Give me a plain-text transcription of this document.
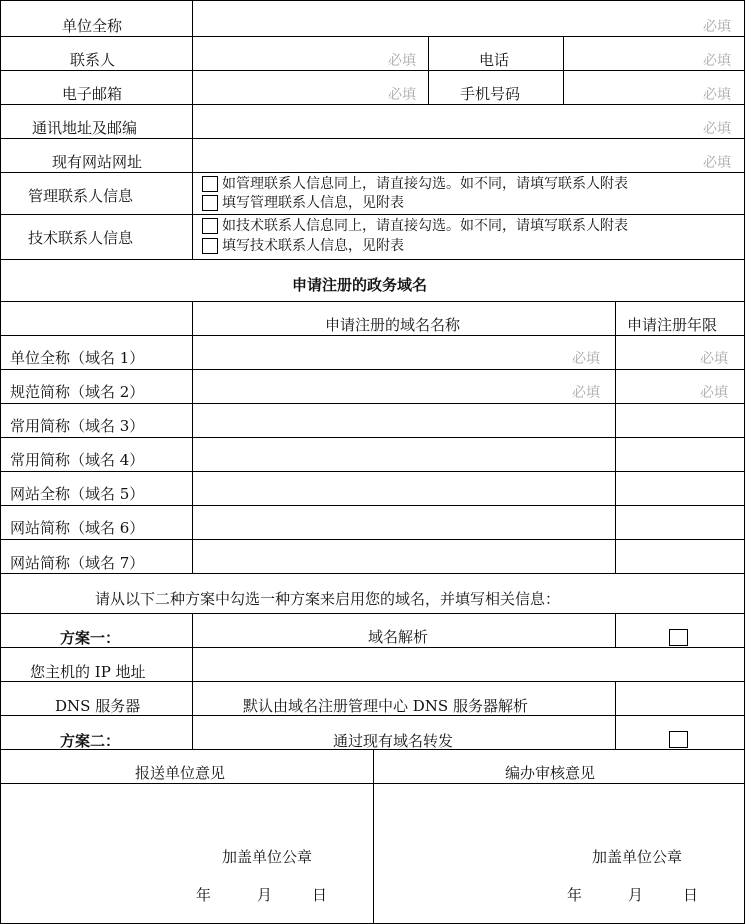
单位全称	必填
联系人	必填	电话	必填
电子邮箱	必填	手机号码	必填
通讯地址及邮编	必填
现有网站网址	必填
管理联系人信息
如管理联系人信息同上，请直接勾选。如不同，请填写联系人附表
填写管理联系人信息，见附表
技术联系人信息
如技术联系人信息同上，请直接勾选。如不同，请填写联系人附表
填写技术联系人信息，见附表
申请注册的政务域名
申请注册的域名名称	申请注册年限
单位全称（域名 1）	必填	必填
规范简称（域名 2）	必填	必填
常用简称（域名 3）
常用简称（域名 4）
网站全称（域名 5）
网站简称（域名 6）
网站简称（域名 7）
请从以下二种方案中勾选一种方案来启用您的域名，并填写相关信息：
方案一：	域名解析
您主机的 IP 地址
DNS 服务器	默认由域名注册管理中心 DNS 服务器解析
方案二：	通过现有域名转发
报送单位意见	编办审核意见
加盖单位公章
年	月	日
加盖单位公章
年	月	日
